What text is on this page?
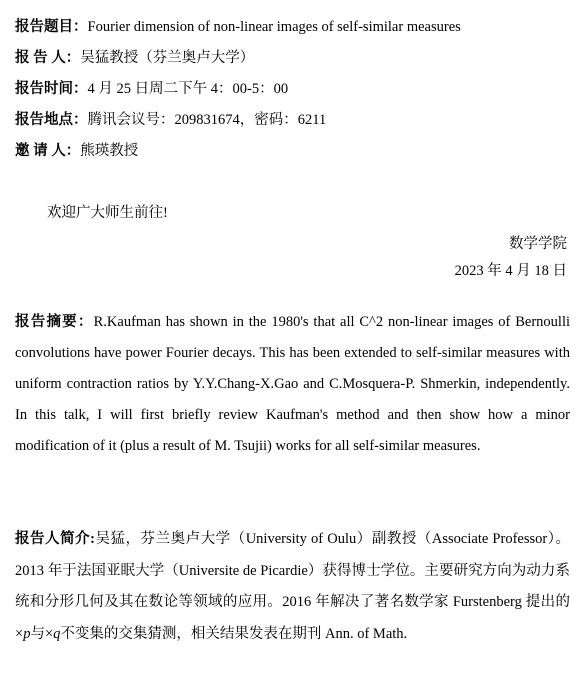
报告题目：Fourier dimension of non-linear images of self-similar measures
报 告 人：吴猛教授（芬兰奥卢大学）
报告时间：4 月 25 日周二下午 4：00-5：00
报告地点：腾讯会议号：209831674，密码：6211
邀 请 人：熊瑛教授
欢迎广大师生前往!
数学学院
2023 年 4 月 18 日
报告摘要：R.Kaufman has shown in the 1980's that all C^2 non-linear images of Bernoulli convolutions have power Fourier decays. This has been extended to self-similar measures with uniform contraction ratios by Y.Y.Chang-X.Gao and C.Mosquera-P. Shmerkin, independently. In this talk, I will first briefly review Kaufman's method and then show how a minor modification of it (plus a result of M. Tsujii) works for all self-similar measures.
报告人简介:吴猛，芬兰奥卢大学（University of Oulu）副教授（Associate Professor）。2013 年于法国亚眠大学（Universite de Picardie）获得博士学位。主要研究方向为动力系统和分形几何及其在数论等领域的应用。2016 年解决了著名数学家 Furstenberg 提出的×p与×q不变集的交集猜测，相关结果发表在期刊 Ann. of Math.
